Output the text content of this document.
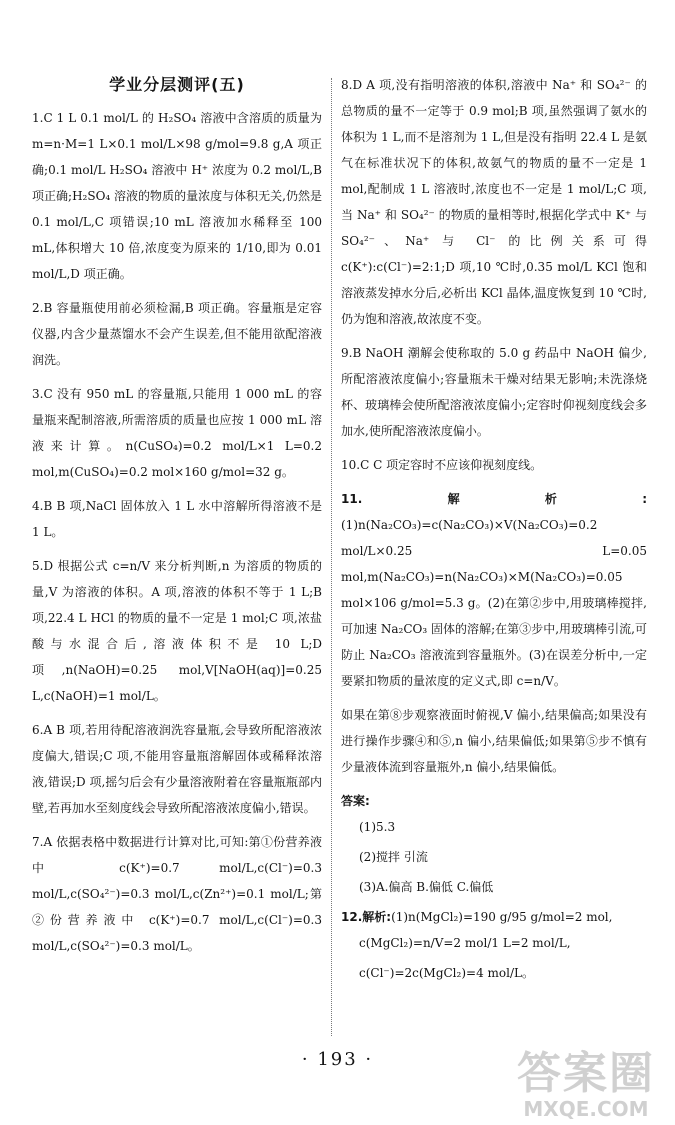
学业分层测评(五)

1.C 1 L 0.1 mol/L 的 H₂SO₄ 溶液中含溶质的质量为 m=n·M=1 L×0.1 mol/L×98 g/mol=9.8 g,A 项正确;0.1 mol/L H₂SO₄ 溶液中 H⁺ 浓度为 0.2 mol/L,B 项正确;H₂SO₄ 溶液的物质的量浓度与体积无关,仍然是 0.1 mol/L,C 项错误;10 mL 溶液加水稀释至 100 mL,体积增大 10 倍,浓度变为原来的 1/10,即为 0.01 mol/L,D 项正确。

2.B 容量瓶使用前必须检漏,B 项正确。容量瓶是定容仪器,内含少量蒸馏水不会产生误差,但不能用欲配溶液润洗。

3.C 没有 950 mL 的容量瓶,只能用 1 000 mL 的容量瓶来配制溶液,所需溶质的质量也应按 1 000 mL 溶液来计算。n(CuSO₄)=0.2 mol/L×1 L=0.2 mol,m(CuSO₄)=0.2 mol×160 g/mol=32 g。

4.B B 项,NaCl 固体放入 1 L 水中溶解所得溶液不是 1 L。

5.D 根据公式 c=n/V 来分析判断,n 为溶质的物质的量,V 为溶液的体积。A 项,溶液的体积不等于 1 L;B 项,22.4 L HCl 的物质的量不一定是 1 mol;C 项,浓盐酸与水混合后,溶液体积不是 10 L;D 项,n(NaOH)=0.25 mol,V[NaOH(aq)]=0.25 L,c(NaOH)=1 mol/L。

6.A B 项,若用待配溶液润洗容量瓶,会导致所配溶液浓度偏大,错误;C 项,不能用容量瓶溶解固体或稀释浓溶液,错误;D 项,摇匀后会有少量溶液附着在容量瓶瓶部内壁,若再加水至刻度线会导致所配溶液浓度偏小,错误。

7.A 依据表格中数据进行计算对比,可知:第①份营养液中 c(K⁺)=0.7 mol/L,c(Cl⁻)=0.3 mol/L,c(SO₄²⁻)=0.3 mol/L,c(Zn²⁺)=0.1 mol/L;第②份营养液中 c(K⁺)=0.7 mol/L,c(Cl⁻)=0.3 mol/L,c(SO₄²⁻)=0.3 mol/L。

8.D A 项,没有指明溶液的体积,溶液中 Na⁺ 和 SO₄²⁻ 的总物质的量不一定等于 0.9 mol;B 项,虽然强调了氨水的体积为 1 L,而不是溶剂为 1 L,但是没有指明 22.4 L 是氨气在标准状况下的体积,故氨气的物质的量不一定是 1 mol,配制成 1 L 溶液时,浓度也不一定是 1 mol/L;C 项,当 Na⁺ 和 SO₄²⁻ 的物质的量相等时,根据化学式中 K⁺ 与 SO₄²⁻、Na⁺ 与 Cl⁻ 的比例关系可得 c(K⁺):c(Cl⁻)=2:1;D 项,10 ℃时,0.35 mol/L KCl 饱和溶液蒸发掉水分后,必析出 KCl 晶体,温度恢复到 10 ℃时,仍为饱和溶液,故浓度不变。

9.B NaOH 潮解会使称取的 5.0 g 药品中 NaOH 偏少,所配溶液浓度偏小;容量瓶未干燥对结果无影响;未洗涤烧杯、玻璃棒会使所配溶液浓度偏小;定容时仰视刻度线会多加水,使所配溶液浓度偏小。

10.C C 项定容时不应该仰视刻度线。

11.解析:(1)n(Na₂CO₃)=c(Na₂CO₃)×V(Na₂CO₃)=0.2 mol/L×0.25 L=0.05 mol,m(Na₂CO₃)=n(Na₂CO₃)×M(Na₂CO₃)=0.05 mol×106 g/mol=5.3 g。(2)在第②步中,用玻璃棒搅拌,可加速 Na₂CO₃ 固体的溶解;在第③步中,用玻璃棒引流,可防止 Na₂CO₃ 溶液流到容量瓶外。(3)在误差分析中,一定要紧扣物质的量浓度的定义式,即 c=n/V。

如果在第⑧步观察液面时俯视,V 偏小,结果偏高;如果没有进行操作步骤④和⑤,n 偏小,结果偏低;如果第⑤步不慎有少量液体流到容量瓶外,n 偏小,结果偏低。

答案:

(1)5.3

(2)搅拌 引流

(3)A.偏高 B.偏低 C.偏低

12.解析:(1)n(MgCl₂)=190 g/95 g/mol=2 mol,

c(MgCl₂)=n/V=2 mol/1 L=2 mol/L,

c(Cl⁻)=2c(MgCl₂)=4 mol/L。

· 193 ·	答案圈
MXQE.COM
